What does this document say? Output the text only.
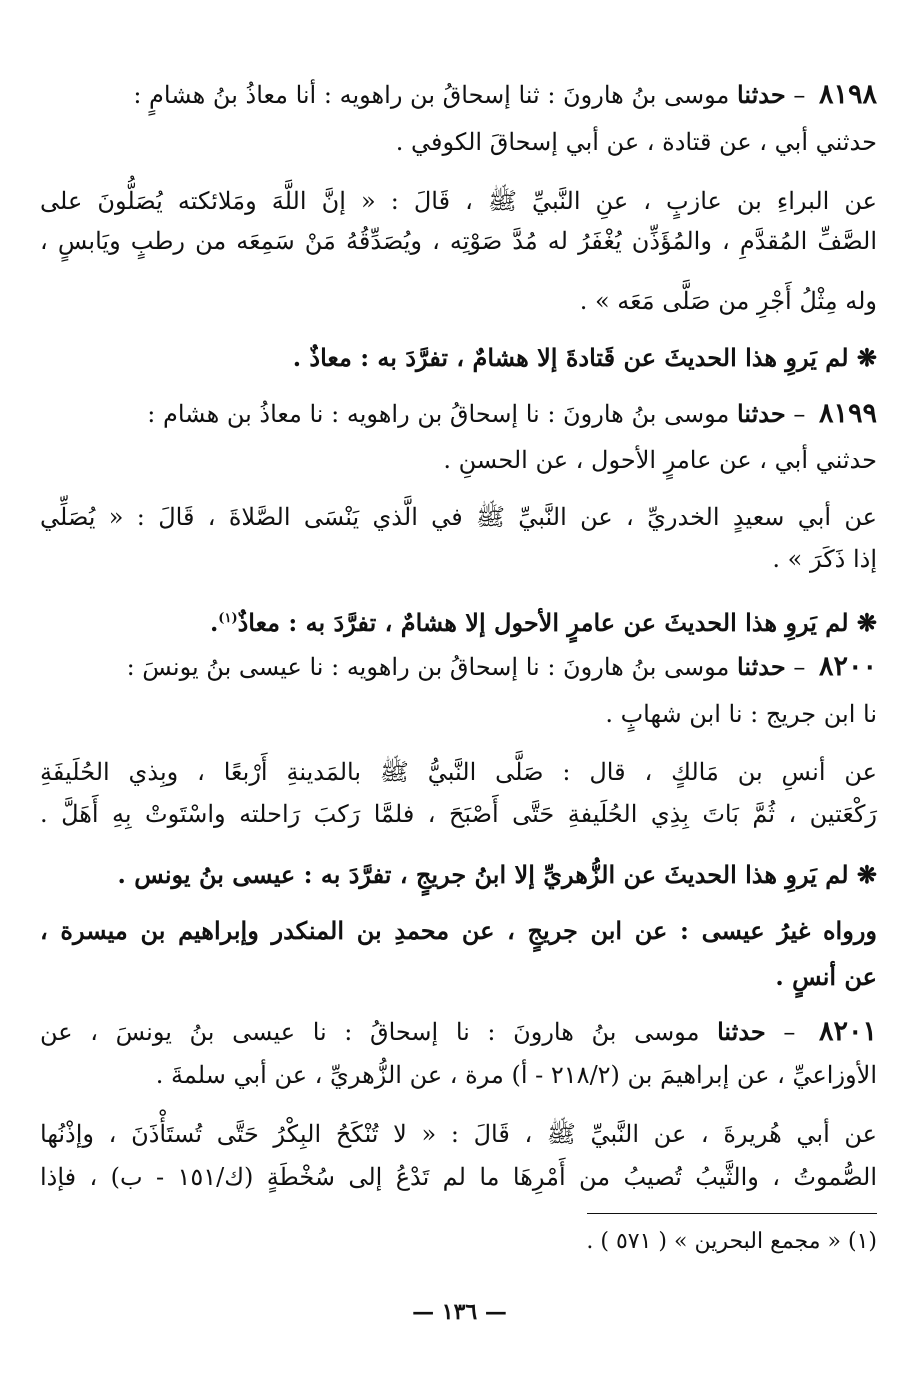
٨١٩٨ – حدثنا موسى بنُ هارونَ : ثنا إسحاقُ بن راهويه : أنا معاذُ بنُ هشامٍ :
حدثني أبي ، عن قتادة ، عن أبي إسحاقَ الكوفي .
عن البراءِ بن عازبٍ ، عنِ النَّبيِّ ﷺ ، قَالَ : « إنَّ اللَّهَ ومَلائكته يُصَلُّونَ على
الصَّفِّ المُقدَّمِ ، والمُؤَذِّن يُغْفَرُ له مُدَّ صَوْتِه ، ويُصَدِّقُهُ مَنْ سَمِعَه من رطبٍ ويَابسٍ ،
وله مِثْلُ أَجْرِ من صَلَّى مَعَه » .
❋ لم يَروِ هذا الحديثَ عن قَتادةَ إلا هشامٌ ، تفرَّدَ به : معاذٌ .
٨١٩٩ – حدثنا موسى بنُ هارونَ : نا إسحاقُ بن راهويه : نا معاذُ بن هشام :
حدثني أبي ، عن عامرٍ الأحول ، عن الحسنِ .
عن أبي سعيدٍ الخدريِّ ، عن النَّبيِّ ﷺ في الَّذي يَنْسَى الصَّلاةَ ، قَالَ : « يُصَلِّي
إذا ذَكَرَ » .
❋ لم يَروِ هذا الحديثَ عن عامرٍ الأحول إلا هشامٌ ، تفرَّدَ به : معاذٌ$^{(١)}$.
٨٢٠٠ – حدثنا موسى بنُ هارونَ : نا إسحاقُ بن راهويه : نا عيسى بنُ يونسَ :
نا ابن جريج : نا ابن شهابٍ .
عن أنسِ بن مَالكٍ ، قال : صَلَّى النَّبيُّ ﷺ بالمَدينةِ أَرْبعًا ، وبِذي الحُلَيفَةِ
رَكْعَتين ، ثُمَّ بَاتَ بِذِي الحُلَيفةِ حَتَّى أَصْبَحَ ، فلمَّا رَكبَ رَاحلته واسْتَوتْ بِهِ أَهَلَّ .
❋ لم يَروِ هذا الحديثَ عن الزُّهريِّ إلا ابنُ جريجٍ ، تفرَّدَ به : عيسى بنُ يونس .
ورواه غيرُ عيسى : عن ابن جريجٍ ، عن محمدِ بن المنكدر وإبراهيم بن ميسرة ،
عن أنسٍ .
٨٢٠١ – حدثنا موسى بنُ هارونَ : نا إسحاقُ : نا عيسى بنُ يونسَ ، عن
الأوزاعيِّ ، عن إبراهيمَ بن (٢١٨/٢ - أ) مرة ، عن الزُّهريِّ ، عن أبي سلمةَ .
عن أبي هُريرةَ ، عن النَّبيِّ ﷺ ، قَالَ : « لا تُنْكَحُ البِكْرُ حَتَّى تُستَأْذَنَ ، وإذْنُها
الصُّموتُ ، والثَّيبُ تُصيبُ من أَمْرِهَا ما لم تَدْعُ إلى سُخْطَةٍ (ك/١٥١ - ب) ، فإذا
(١) « مجمع البحرين » ( ٥٧١ ) .
— ١٣٦ —
